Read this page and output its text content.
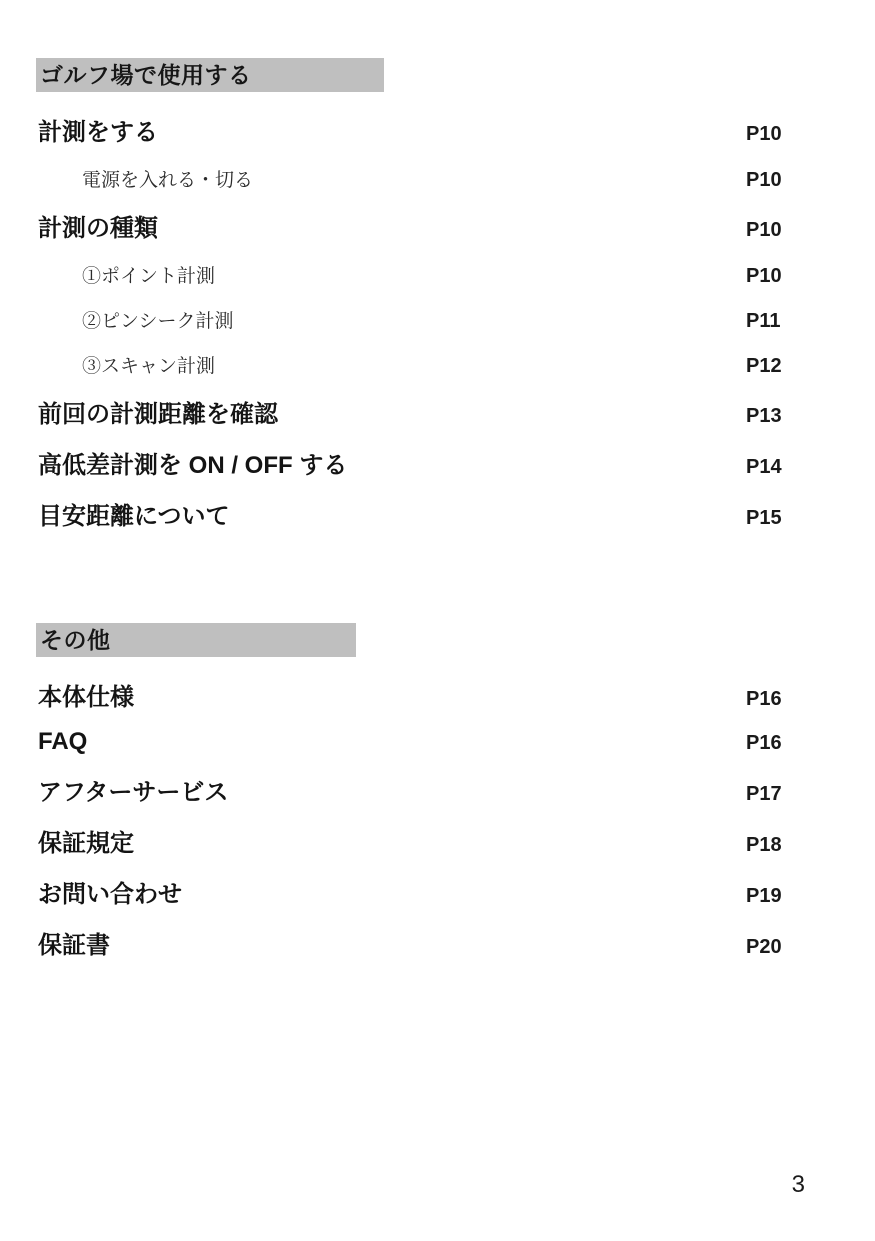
ゴルフ場で使用する
計測をする	P10
電源を入れる・切る	P10
計測の種類	P10
①ポイント計測	P10
②ピンシーク計測	P11
③スキャン計測	P12
前回の計測距離を確認	P13
高低差計測を ON / OFF する	P14
目安距離について	P15
その他
本体仕様	P16
FAQ	P16
アフターサービス	P17
保証規定	P18
お問い合わせ	P19
保証書	P20
3
